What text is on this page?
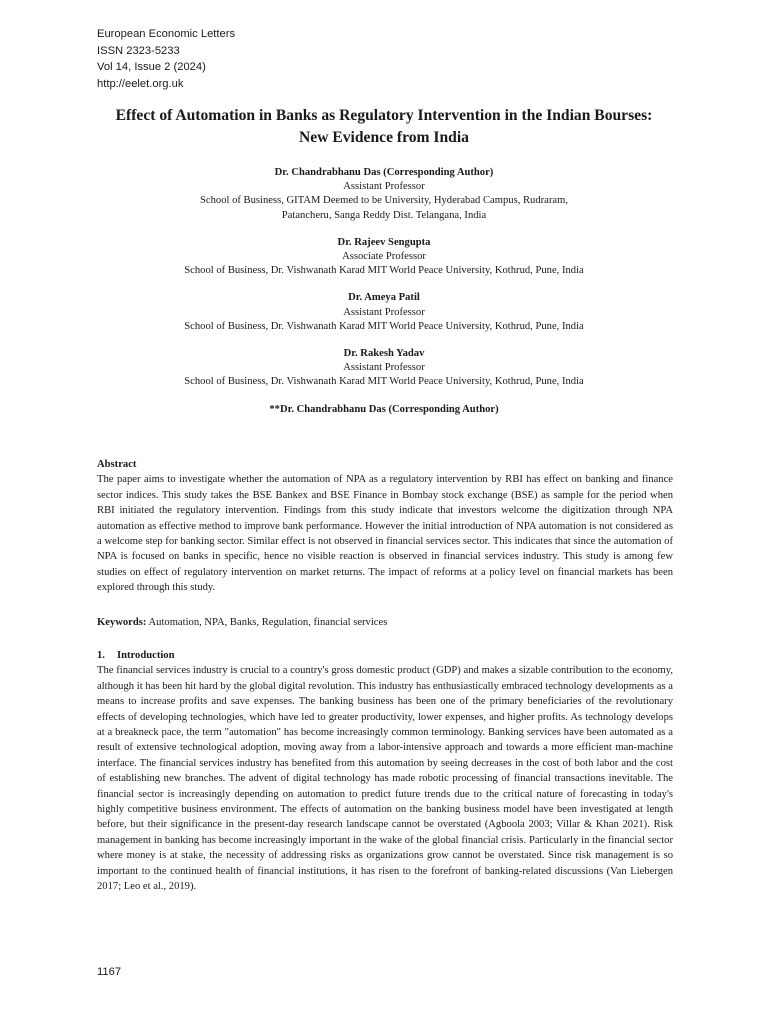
European Economic Letters
ISSN 2323-5233
Vol 14, Issue 2 (2024)
http://eelet.org.uk
Effect of Automation in Banks as Regulatory Intervention in the Indian Bourses:
New Evidence from India
Dr. Chandrabhanu Das (Corresponding Author)
Assistant Professor
School of Business, GITAM Deemed to be University, Hyderabad Campus, Rudraram,
Patancheru, Sanga Reddy Dist. Telangana, India
Dr. Rajeev Sengupta
Associate Professor
School of Business, Dr. Vishwanath Karad MIT World Peace University, Kothrud, Pune, India
Dr. Ameya Patil
Assistant Professor
School of Business, Dr. Vishwanath Karad MIT World Peace University, Kothrud, Pune, India
Dr. Rakesh Yadav
Assistant Professor
School of Business, Dr. Vishwanath Karad MIT World Peace University, Kothrud, Pune, India
**Dr. Chandrabhanu Das (Corresponding Author)
Abstract
The paper aims to investigate whether the automation of NPA as a regulatory intervention by RBI has effect on banking and finance sector indices. This study takes the BSE Bankex and BSE Finance in Bombay stock exchange (BSE) as sample for the period when RBI initiated the regulatory intervention. Findings from this study indicate that investors welcome the digitization through NPA automation as effective method to improve bank performance. However the initial introduction of NPA automation is not considered as a welcome step for banking sector. Similar effect is not observed in financial services sector. This indicates that since the automation of NPA is focused on banks in specific, hence no visible reaction is observed in financial services industry. This study is among few studies on effect of regulatory intervention on market returns. The impact of reforms at a policy level on financial markets has been explored through this study.
Keywords: Automation, NPA, Banks, Regulation, financial services
1. Introduction
The financial services industry is crucial to a country's gross domestic product (GDP) and makes a sizable contribution to the economy, although it has been hit hard by the global digital revolution. This industry has enthusiastically embraced technology developments as a means to increase profits and save expenses. The banking business has been one of the primary beneficiaries of the revolutionary effects of developing technologies, which have led to greater productivity, lower expenses, and higher profits. As technology develops at a breakneck pace, the term "automation" has become increasingly common terminology. Banking services have been automated as a result of extensive technological adoption, moving away from a labor-intensive approach and towards a more efficient man-machine interface. The financial services industry has benefited from this automation by seeing decreases in the cost of both labor and the cost of establishing new branches. The advent of digital technology has made robotic processing of financial transactions inevitable. The financial sector is increasingly depending on automation to predict future trends due to the critical nature of forecasting in today's highly competitive business environment. The effects of automation on the banking business model have been investigated at length before, but their significance in the present-day research landscape cannot be overstated (Agboola 2003; Villar & Khan 2021). Risk management in banking has become increasingly important in the wake of the global financial crisis. Particularly in the financial sector where money is at stake, the necessity of addressing risks as organizations grow cannot be overstated. Since risk management is so important to the continued health of financial institutions, it has risen to the forefront of banking-related discussions (Van Liebergen 2017; Leo et al., 2019).
1167
